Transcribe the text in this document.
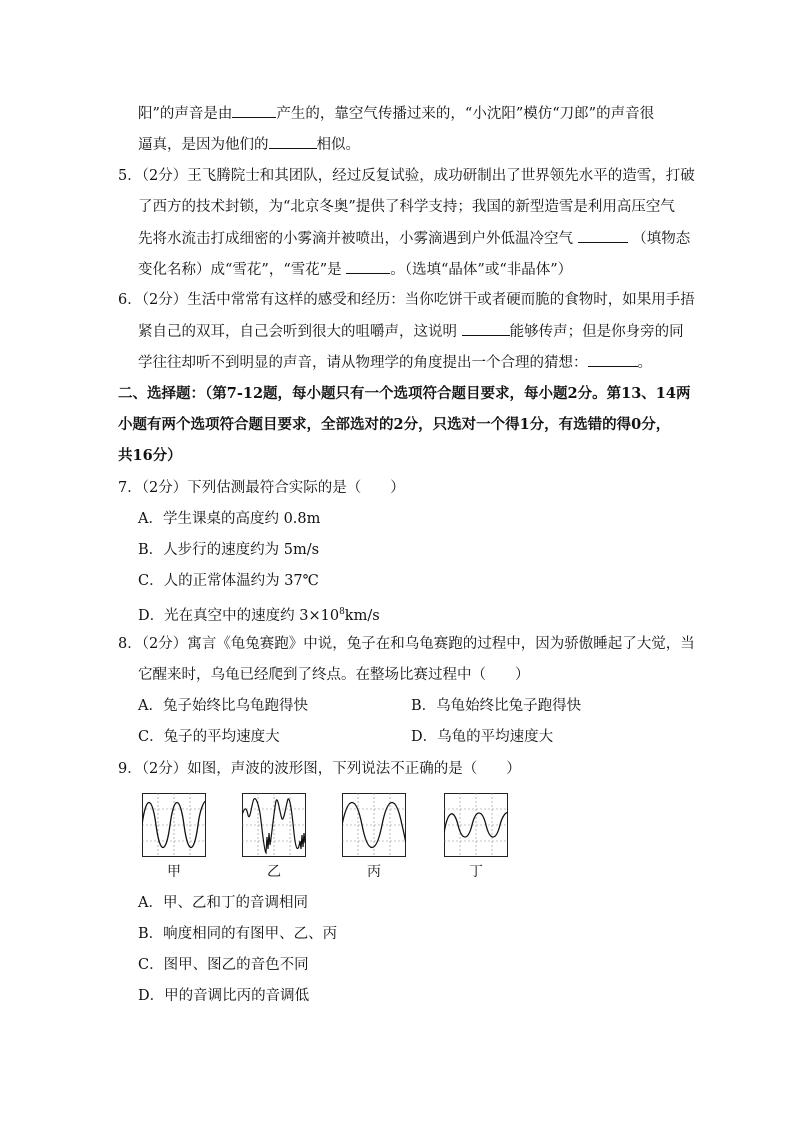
阳”的声音是由	产生的，靠空气传播过来的，“小沈阳”模仿“刀郎”的声音很
逼真，是因为他们的	相似。
5．（2分）王飞腾院士和其团队，经过反复试验，成功研制出了世界领先水平的造雪，打破
了西方的技术封锁，为“北京冬奥”提供了科学支持；我国的新型造雪是利用高压空气
先将水流击打成细密的小雾滴并被喷出，小雾滴遇到户外低温冷空气	（填物态
变化名称）成“雪花”，“雪花”是	。（选填“晶体”或“非晶体”）
6．（2分）生活中常常有这样的感受和经历：当你吃饼干或者硬而脆的食物时，如果用手捂
紧自己的双耳，自己会听到很大的咀嚼声，这说明	能够传声；但是你身旁的同
学往往却听不到明显的声音，请从物理学的角度提出一个合理的猜想：	。
二、选择题：（第7-12题，每小题只有一个选项符合题目要求，每小题2分。第13、14两
小题有两个选项符合题目要求，全部选对的2分，只选对一个得1分，有选错的得0分，
共16分）
7．（2分）下列估测最符合实际的是（　　）
A．学生课桌的高度约 0.8m
B．人步行的速度约为 5m/s
C．人的正常体温约为 37℃
D．光在真空中的速度约 $3\times 10^8km/s$
8．（2分）寓言《龟兔赛跑》中说，兔子在和乌龟赛跑的过程中，因为骄傲睡起了大觉，当
它醒来时，乌龟已经爬到了终点。在整场比赛过程中（　　）
A．兔子始终比乌龟跑得快	B．乌龟始终比兔子跑得快
C．兔子的平均速度大	D．乌龟的平均速度大
9．（2分）如图，声波的波形图，下列说法不正确的是（　　）
甲	乙	丙	丁
A．甲、乙和丁的音调相同
B．响度相同的有图甲、乙、丙
C．图甲、图乙的音色不同
D．甲的音调比丙的音调低
